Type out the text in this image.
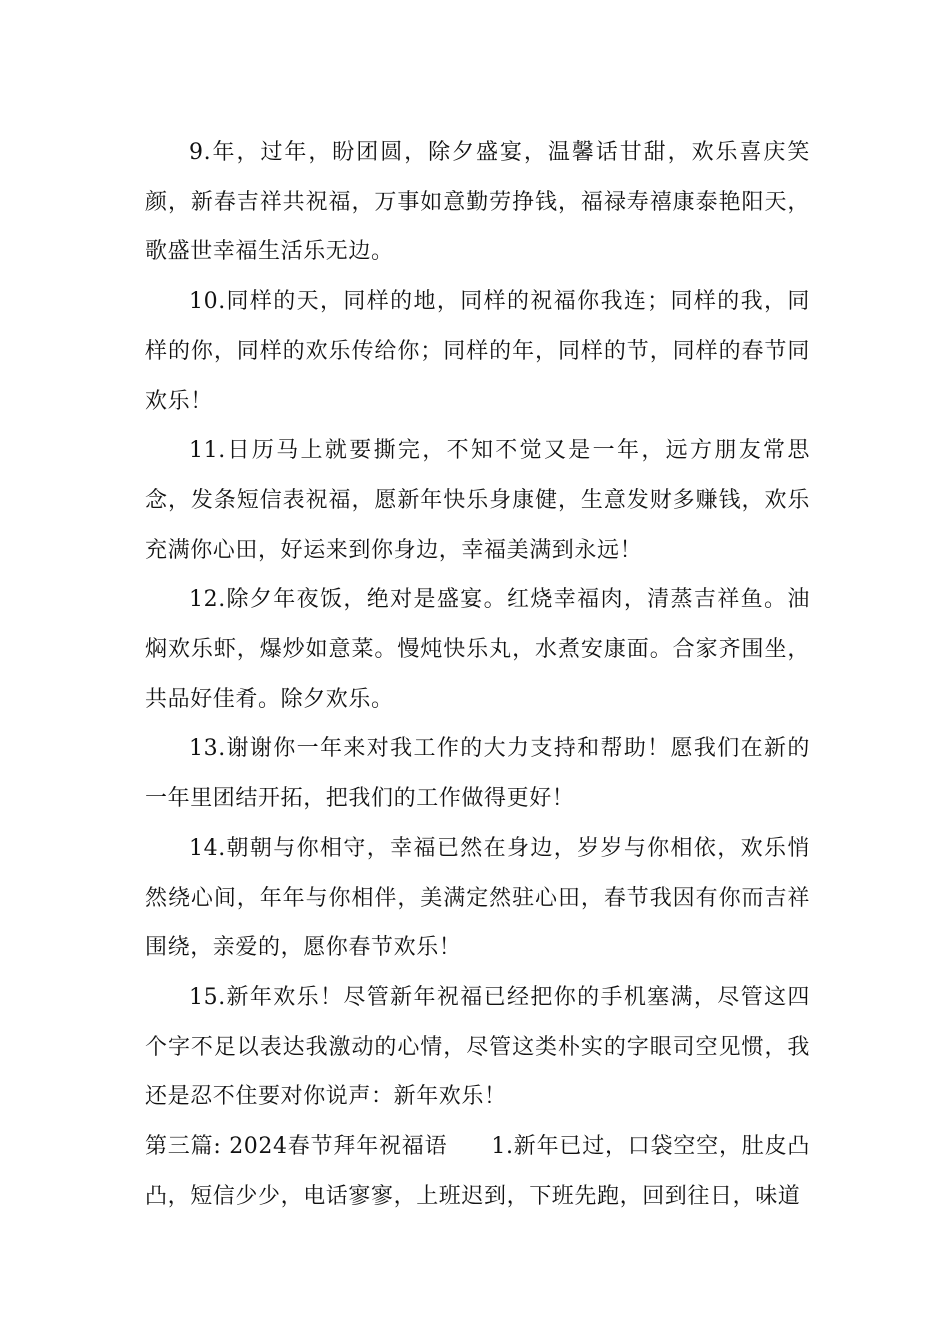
9.年，过年，盼团圆，除夕盛宴，温馨话甘甜，欢乐喜庆笑颜，新春吉祥共祝福，万事如意勤劳挣钱，福禄寿禧康泰艳阳天，歌盛世幸福生活乐无边。

10.同样的天，同样的地，同样的祝福你我连；同样的我，同样的你，同样的欢乐传给你；同样的年，同样的节，同样的春节同欢乐！

11.日历马上就要撕完，不知不觉又是一年，远方朋友常思念，发条短信表祝福，愿新年快乐身康健，生意发财多赚钱，欢乐充满你心田，好运来到你身边，幸福美满到永远！

12.除夕年夜饭，绝对是盛宴。红烧幸福肉，清蒸吉祥鱼。油焖欢乐虾，爆炒如意菜。慢炖快乐丸，水煮安康面。合家齐围坐，共品好佳肴。除夕欢乐。

13.谢谢你一年来对我工作的大力支持和帮助！愿我们在新的一年里团结开拓，把我们的工作做得更好！

14.朝朝与你相守，幸福已然在身边，岁岁与你相依，欢乐悄然绕心间，年年与你相伴，美满定然驻心田，春节我因有你而吉祥围绕，亲爱的，愿你春节欢乐！

15.新年欢乐！尽管新年祝福已经把你的手机塞满，尽管这四个字不足以表达我激动的心情，尽管这类朴实的字眼司空见惯，我还是忍不住要对你说声：新年欢乐！

第三篇: 2024春节拜年祝福语 1.新年已过，口袋空空，肚皮凸凸，短信少少，电话寥寥，上班迟到，下班先跑，回到往日，味道
